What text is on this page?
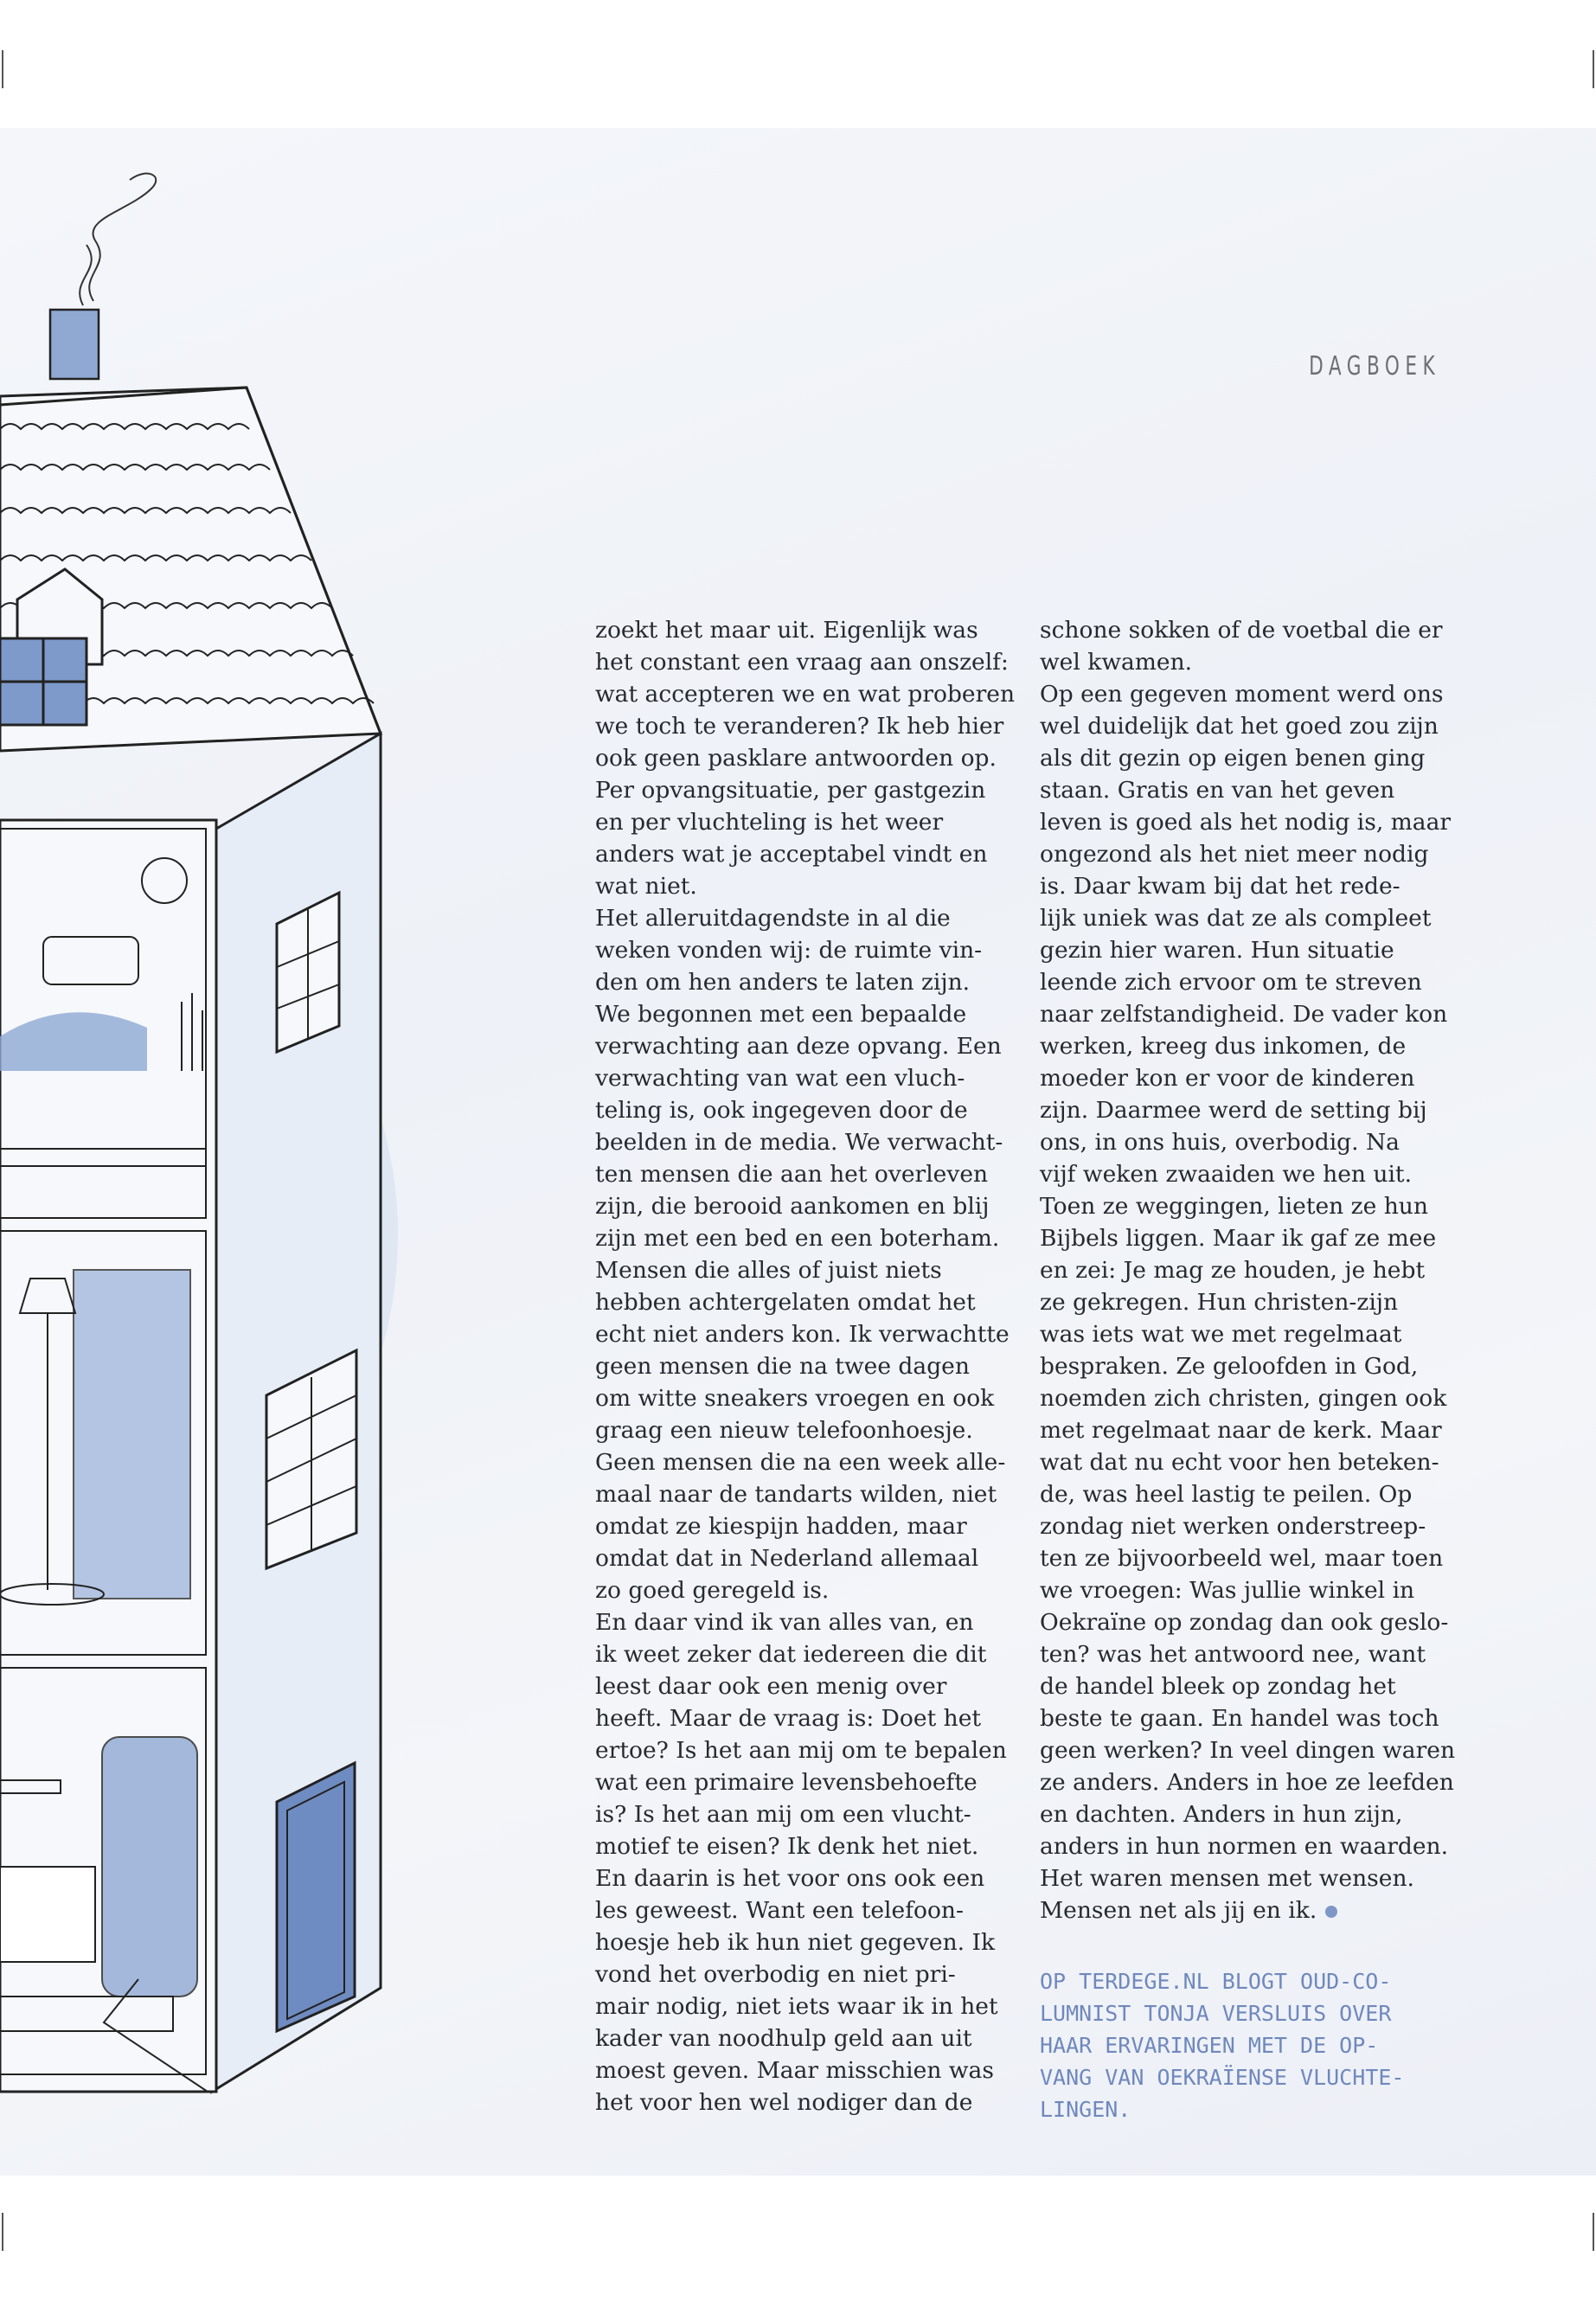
DAGBOEK
zoekt het maar uit. Eigenlijk was
het constant een vraag aan onszelf:
wat accepteren we en wat proberen
we toch te veranderen? Ik heb hier
ook geen pasklare antwoorden op.
Per opvangsituatie, per gastgezin
en per vluchteling is het weer
anders wat je acceptabel vindt en
wat niet.
Het alleruitdagendste in al die
weken vonden wij: de ruimte vin-
den om hen anders te laten zijn.
We begonnen met een bepaalde
verwachting aan deze opvang. Een
verwachting van wat een vluch-
teling is, ook ingegeven door de
beelden in de media. We verwacht-
ten mensen die aan het overleven
zijn, die berooid aankomen en blij
zijn met een bed en een boterham.
Mensen die alles of juist niets
hebben achtergelaten omdat het
echt niet anders kon. Ik verwachtte
geen mensen die na twee dagen
om witte sneakers vroegen en ook
graag een nieuw telefoonhoesje.
Geen mensen die na een week alle-
maal naar de tandarts wilden, niet
omdat ze kiespijn hadden, maar
omdat dat in Nederland allemaal
zo goed geregeld is.
En daar vind ik van alles van, en
ik weet zeker dat iedereen die dit
leest daar ook een menig over
heeft. Maar de vraag is: Doet het
ertoe? Is het aan mij om te bepalen
wat een primaire levensbehoefte
is? Is het aan mij om een vlucht-
motief te eisen? Ik denk het niet.
En daarin is het voor ons ook een
les geweest. Want een telefoon-
hoesje heb ik hun niet gegeven. Ik
vond het overbodig en niet pri-
mair nodig, niet iets waar ik in het
kader van noodhulp geld aan uit
moest geven. Maar misschien was
het voor hen wel nodiger dan de
schone sokken of de voetbal die er
wel kwamen.
Op een gegeven moment werd ons
wel duidelijk dat het goed zou zijn
als dit gezin op eigen benen ging
staan. Gratis en van het geven
leven is goed als het nodig is, maar
ongezond als het niet meer nodig
is. Daar kwam bij dat het rede-
lijk uniek was dat ze als compleet
gezin hier waren. Hun situatie
leende zich ervoor om te streven
naar zelfstandigheid. De vader kon
werken, kreeg dus inkomen, de
moeder kon er voor de kinderen
zijn. Daarmee werd de setting bij
ons, in ons huis, overbodig. Na
vijf weken zwaaiden we hen uit.
Toen ze weggingen, lieten ze hun
Bijbels liggen. Maar ik gaf ze mee
en zei: Je mag ze houden, je hebt
ze gekregen. Hun christen-zijn
was iets wat we met regelmaat
bespraken. Ze geloofden in God,
noemden zich christen, gingen ook
met regelmaat naar de kerk. Maar
wat dat nu echt voor hen beteken-
de, was heel lastig te peilen. Op
zondag niet werken onderstreep-
ten ze bijvoorbeeld wel, maar toen
we vroegen: Was jullie winkel in
Oekraïne op zondag dan ook geslo-
ten? was het antwoord nee, want
de handel bleek op zondag het
beste te gaan. En handel was toch
geen werken? In veel dingen waren
ze anders. Anders in hoe ze leefden
en dachten. Anders in hun zijn,
anders in hun normen en waarden.
Het waren mensen met wensen.
Mensen net als jij en ik.
OP TERDEGE.NL BLOGT OUD-CO-
LUMNIST TONJA VERSLUIS OVER
HAAR ERVARINGEN MET DE OP-
VANG VAN OEKRAÏENSE VLUCHTE-
LINGEN.
